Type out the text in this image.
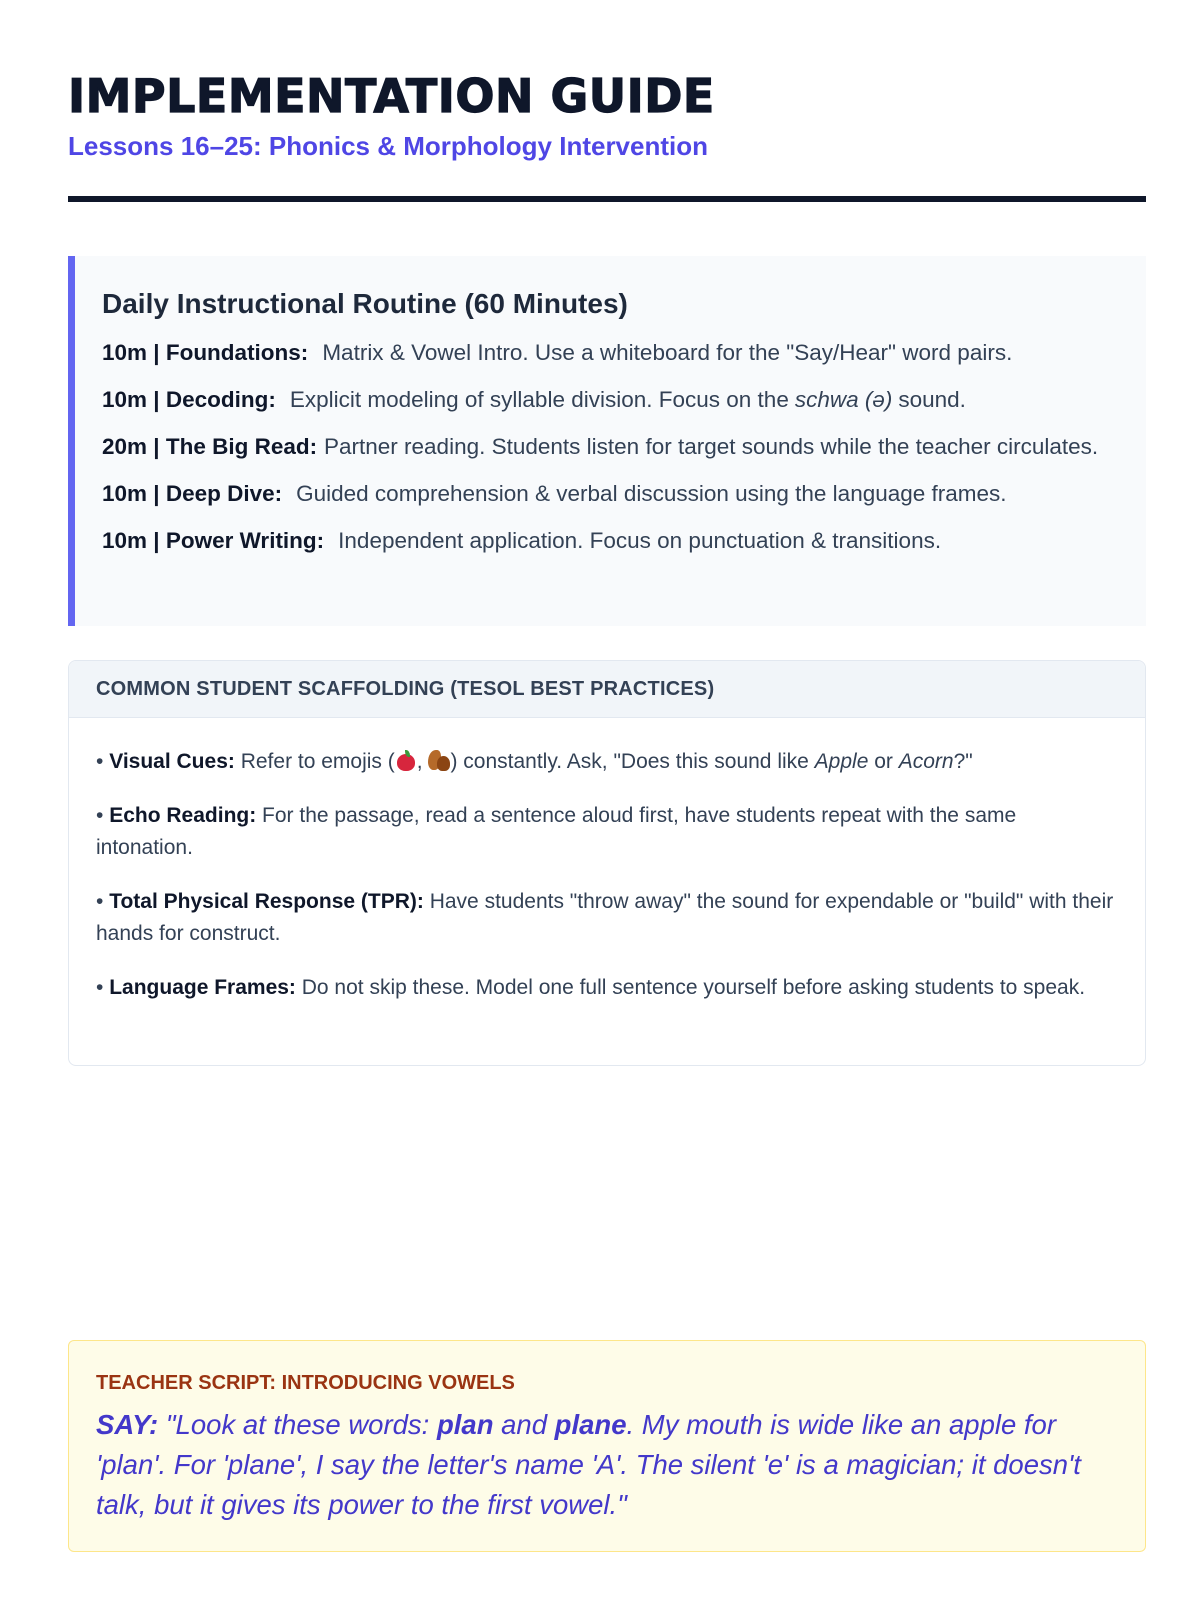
IMPLEMENTATION GUIDE
Lessons 16–25: Phonics & Morphology Intervention
Daily Instructional Routine (60 Minutes)
10m | Foundations: Matrix & Vowel Intro. Use a whiteboard for the "Say/Hear" word pairs.
10m | Decoding: Explicit modeling of syllable division. Focus on the schwa (ə) sound.
20m | The Big Read: Partner reading. Students listen for target sounds while the teacher circulates.
10m | Deep Dive: Guided comprehension & verbal discussion using the language frames.
10m | Power Writing: Independent application. Focus on punctuation & transitions.
COMMON STUDENT SCAFFOLDING (TESOL BEST PRACTICES)
• Visual Cues: Refer to emojis ( , ) constantly. Ask, "Does this sound like Apple or Acorn?"
• Echo Reading: For the passage, read a sentence aloud first, have students repeat with the same intonation.
• Total Physical Response (TPR): Have students "throw away" the sound for expendable or "build" with their hands for construct.
• Language Frames: Do not skip these. Model one full sentence yourself before asking students to speak.
TEACHER SCRIPT: INTRODUCING VOWELS
SAY: "Look at these words: plan and plane. My mouth is wide like an apple for 'plan'. For 'plane', I say the letter's name 'A'. The silent 'e' is a magician; it doesn't talk, but it gives its power to the first vowel."
